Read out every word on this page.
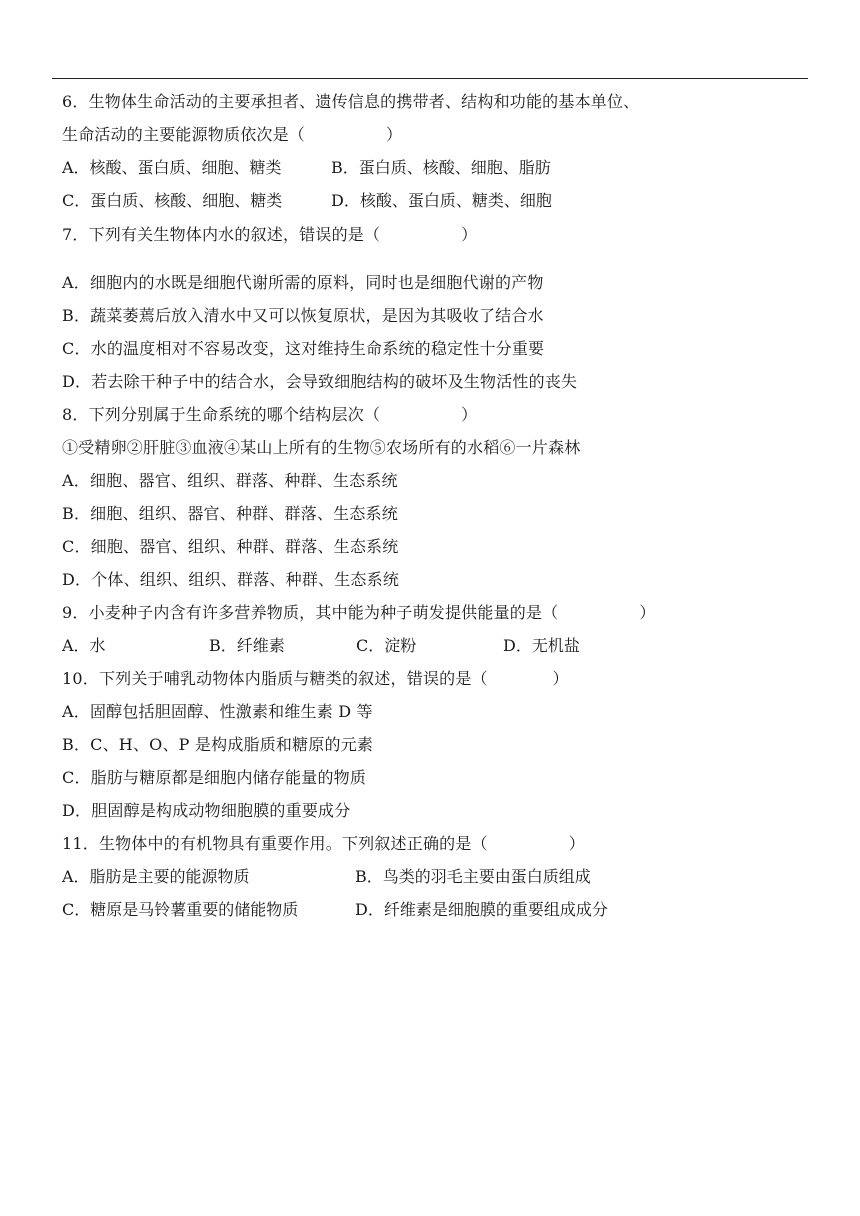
6．生物体生命活动的主要承担者、遗传信息的携带者、结构和功能的基本单位、
生命活动的主要能源物质依次是（　　　　　）
A．核酸、蛋白质、细胞、糖类	B．蛋白质、核酸、细胞、脂肪
C．蛋白质、核酸、细胞、糖类	D．核酸、蛋白质、糖类、细胞
7．下列有关生物体内水的叙述，错误的是（　　　　　）
A．细胞内的水既是细胞代谢所需的原料，同时也是细胞代谢的产物
B．蔬菜萎蔫后放入清水中又可以恢复原状，是因为其吸收了结合水
C．水的温度相对不容易改变，这对维持生命系统的稳定性十分重要
D．若去除干种子中的结合水，会导致细胞结构的破坏及生物活性的丧失
8．下列分别属于生命系统的哪个结构层次（　　　　　）
①受精卵②肝脏③血液④某山上所有的生物⑤农场所有的水稻⑥一片森林
A．细胞、器官、组织、群落、种群、生态系统
B．细胞、组织、器官、种群、群落、生态系统
C．细胞、器官、组织、种群、群落、生态系统
D．个体、组织、组织、群落、种群、生态系统
9．小麦种子内含有许多营养物质，其中能为种子萌发提供能量的是（　　　　　）
A．水	B．纤维素	C．淀粉	D．无机盐
10．下列关于哺乳动物体内脂质与糖类的叙述，错误的是（　　　　）
A．固醇包括胆固醇、性激素和维生素 D 等
B．C、H、O、P 是构成脂质和糖原的元素
C．脂肪与糖原都是细胞内储存能量的物质
D．胆固醇是构成动物细胞膜的重要成分
11．生物体中的有机物具有重要作用。下列叙述正确的是（　　　　　）
A．脂肪是主要的能源物质	B．鸟类的羽毛主要由蛋白质组成
C．糖原是马铃薯重要的储能物质	D．纤维素是细胞膜的重要组成成分
